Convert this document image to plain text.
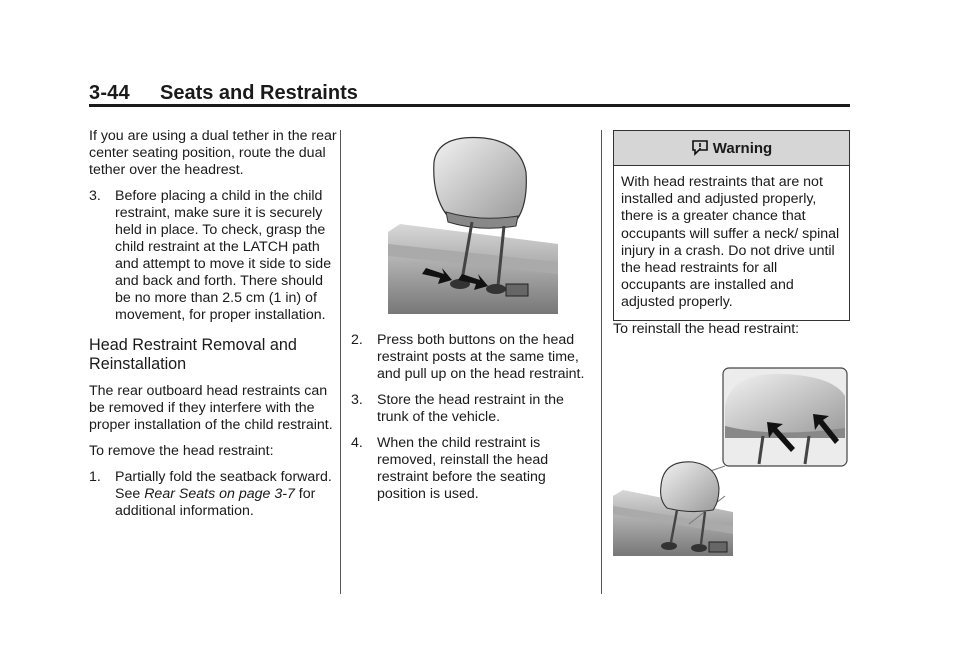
3-44 Seats and Restraints

If you are using a dual tether in the rear center seating position, route the dual tether over the headrest.

3. Before placing a child in the child restraint, make sure it is securely held in place. To check, grasp the child restraint at the LATCH path and attempt to move it side to side and back and forth. There should be no more than 2.5 cm (1 in) of movement, for proper installation.
Head Restraint Removal and Reinstallation

The rear outboard head restraints can be removed if they interfere with the proper installation of the child restraint.

To remove the head restraint:

1. Partially fold the seatback forward. See Rear Seats on page 3-7 for additional information.
2. Press both buttons on the head restraint posts at the same time, and pull up on the head restraint.
3. Store the head restraint in the trunk of the vehicle.
4. When the child restraint is removed, reinstall the head restraint before the seating position is used.
Warning
With head restraints that are not installed and adjusted properly, there is a greater chance that occupants will suffer a neck/ spinal injury in a crash. Do not drive until the head restraints for all occupants are installed and adjusted properly.

To reinstall the head restraint:
